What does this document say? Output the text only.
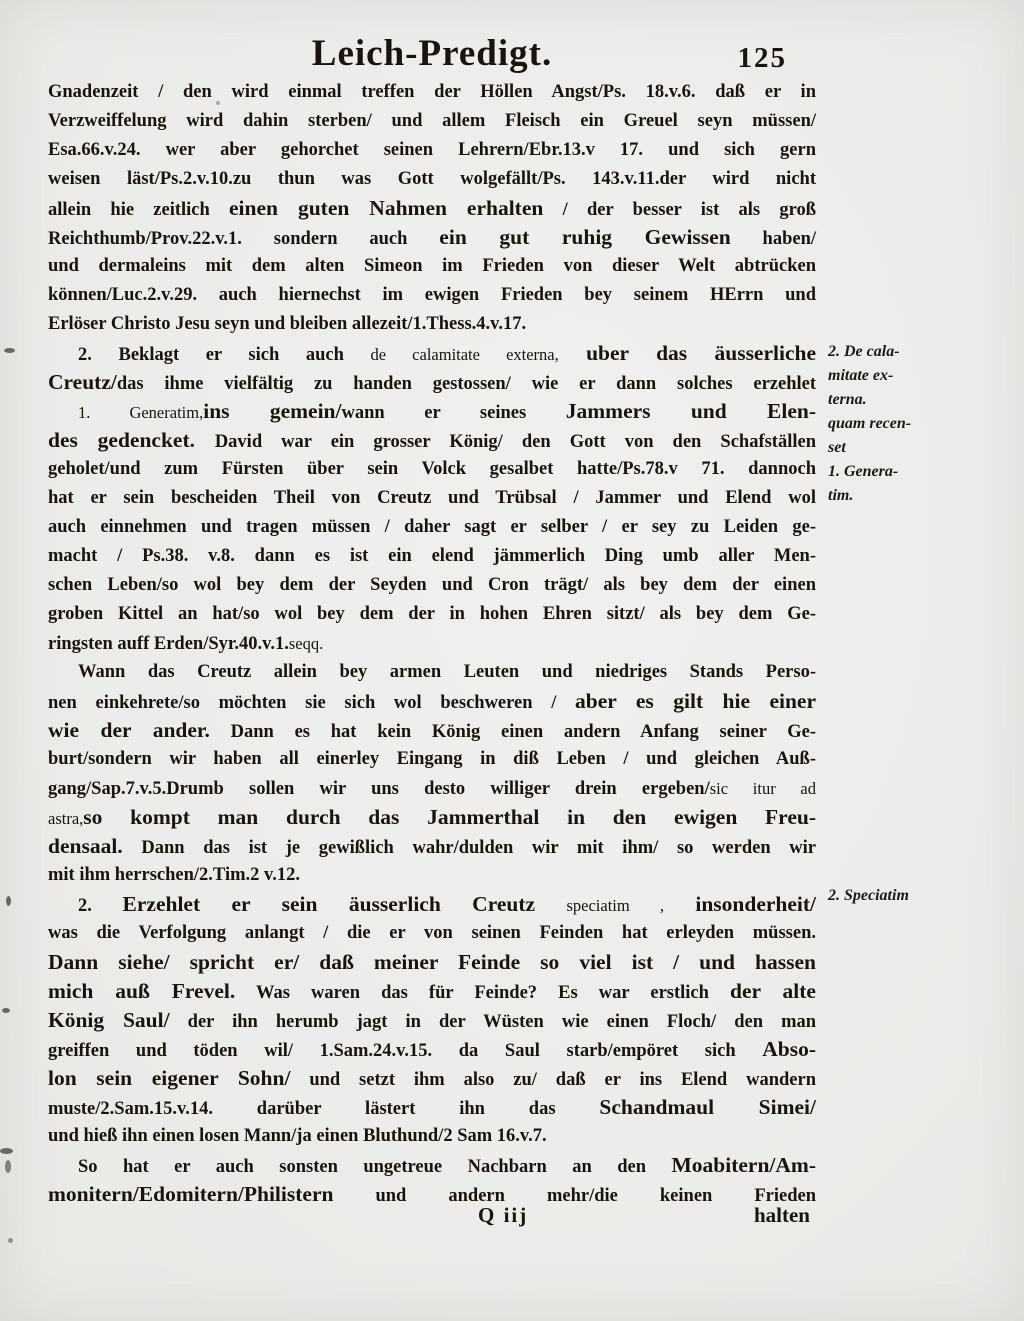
Leich-Predigt.	125
Gnadenzeit / den wird einmal treffen der Höllen Angst/Ps. 18.v.6. daß er in
Verzweiffelung wird dahin sterben/ und allem Fleisch ein Greuel seyn müssen/
Esa.66.v.24. wer aber gehorchet seinen Lehrern/Ebr.13.v 17. und sich gern
weisen läst/Ps.2.v.10.zu thun was Gott wolgefällt/Ps. 143.v.11.der wird nicht
allein hie zeitlich einen guten Nahmen erhalten / der besser ist als groß
Reichthumb/Prov.22.v.1. sondern auch ein gut ruhig Gewissen haben/
und dermaleins mit dem alten Simeon im Frieden von dieser Welt abtrücken
können/Luc.2.v.29. auch hiernechst im ewigen Frieden bey seinem HErrn und
Erlöser Christo Jesu seyn und bleiben allezeit/1.Thess.4.v.17.
2. Beklagt er sich auch de calamitate externa, uber das äusserliche
Creutz/das ihme vielfältig zu handen gestossen/ wie er dann solches erzehlet
1. Generatim,ins gemein/wann er seines Jammers und Elen-
des gedencket. David war ein grosser König/ den Gott von den Schafställen
geholet/und zum Fürsten über sein Volck gesalbet hatte/Ps.78.v 71. dannoch
hat er sein bescheiden Theil von Creutz und Trübsal / Jammer und Elend wol
auch einnehmen und tragen müssen / daher sagt er selber / er sey zu Leiden ge-
macht / Ps.38. v.8. dann es ist ein elend jämmerlich Ding umb aller Men-
schen Leben/so wol bey dem der Seyden und Cron trägt/ als bey dem der einen
groben Kittel an hat/so wol bey dem der in hohen Ehren sitzt/ als bey dem Ge-
ringsten auff Erden/Syr.40.v.1.seqq.
Wann das Creutz allein bey armen Leuten und niedriges Stands Perso-
nen einkehrete/so möchten sie sich wol beschweren / aber es gilt hie einer
wie der ander. Dann es hat kein König einen andern Anfang seiner Ge-
burt/sondern wir haben all einerley Eingang in diß Leben / und gleichen Auß-
gang/Sap.7.v.5.Drumb sollen wir uns desto williger drein ergeben/sic itur ad
astra,so kompt man durch das Jammerthal in den ewigen Freu-
densaal. Dann das ist je gewißlich wahr/dulden wir mit ihm/ so werden wir
mit ihm herrschen/2.Tim.2 v.12.
2. Erzehlet er sein äusserlich Creutz speciatim , insonderheit/
was die Verfolgung anlangt / die er von seinen Feinden hat erleyden müssen.
Dann siehe/ spricht er/ daß meiner Feinde so viel ist / und hassen
mich auß Frevel. Was waren das für Feinde? Es war erstlich der alte
König Saul/ der ihn herumb jagt in der Wüsten wie einen Floch/ den man
greiffen und töden wil/ 1.Sam.24.v.15. da Saul starb/empöret sich Abso-
lon sein eigener Sohn/ und setzt ihm also zu/ daß er ins Elend wandern
muste/2.Sam.15.v.14. darüber lästert ihn das Schandmaul Simei/
und hieß ihn einen losen Mann/ja einen Bluthund/2 Sam 16.v.7.
So hat er auch sonsten ungetreue Nachbarn an den Moabitern/Am-
monitern/Edomitern/Philistern und andern mehr/die keinen Frieden
Q iij	halten
2. De cala-
mitate ex-
terna.
quam recen-
set
1. Genera-
tim.
2. Speciatim
